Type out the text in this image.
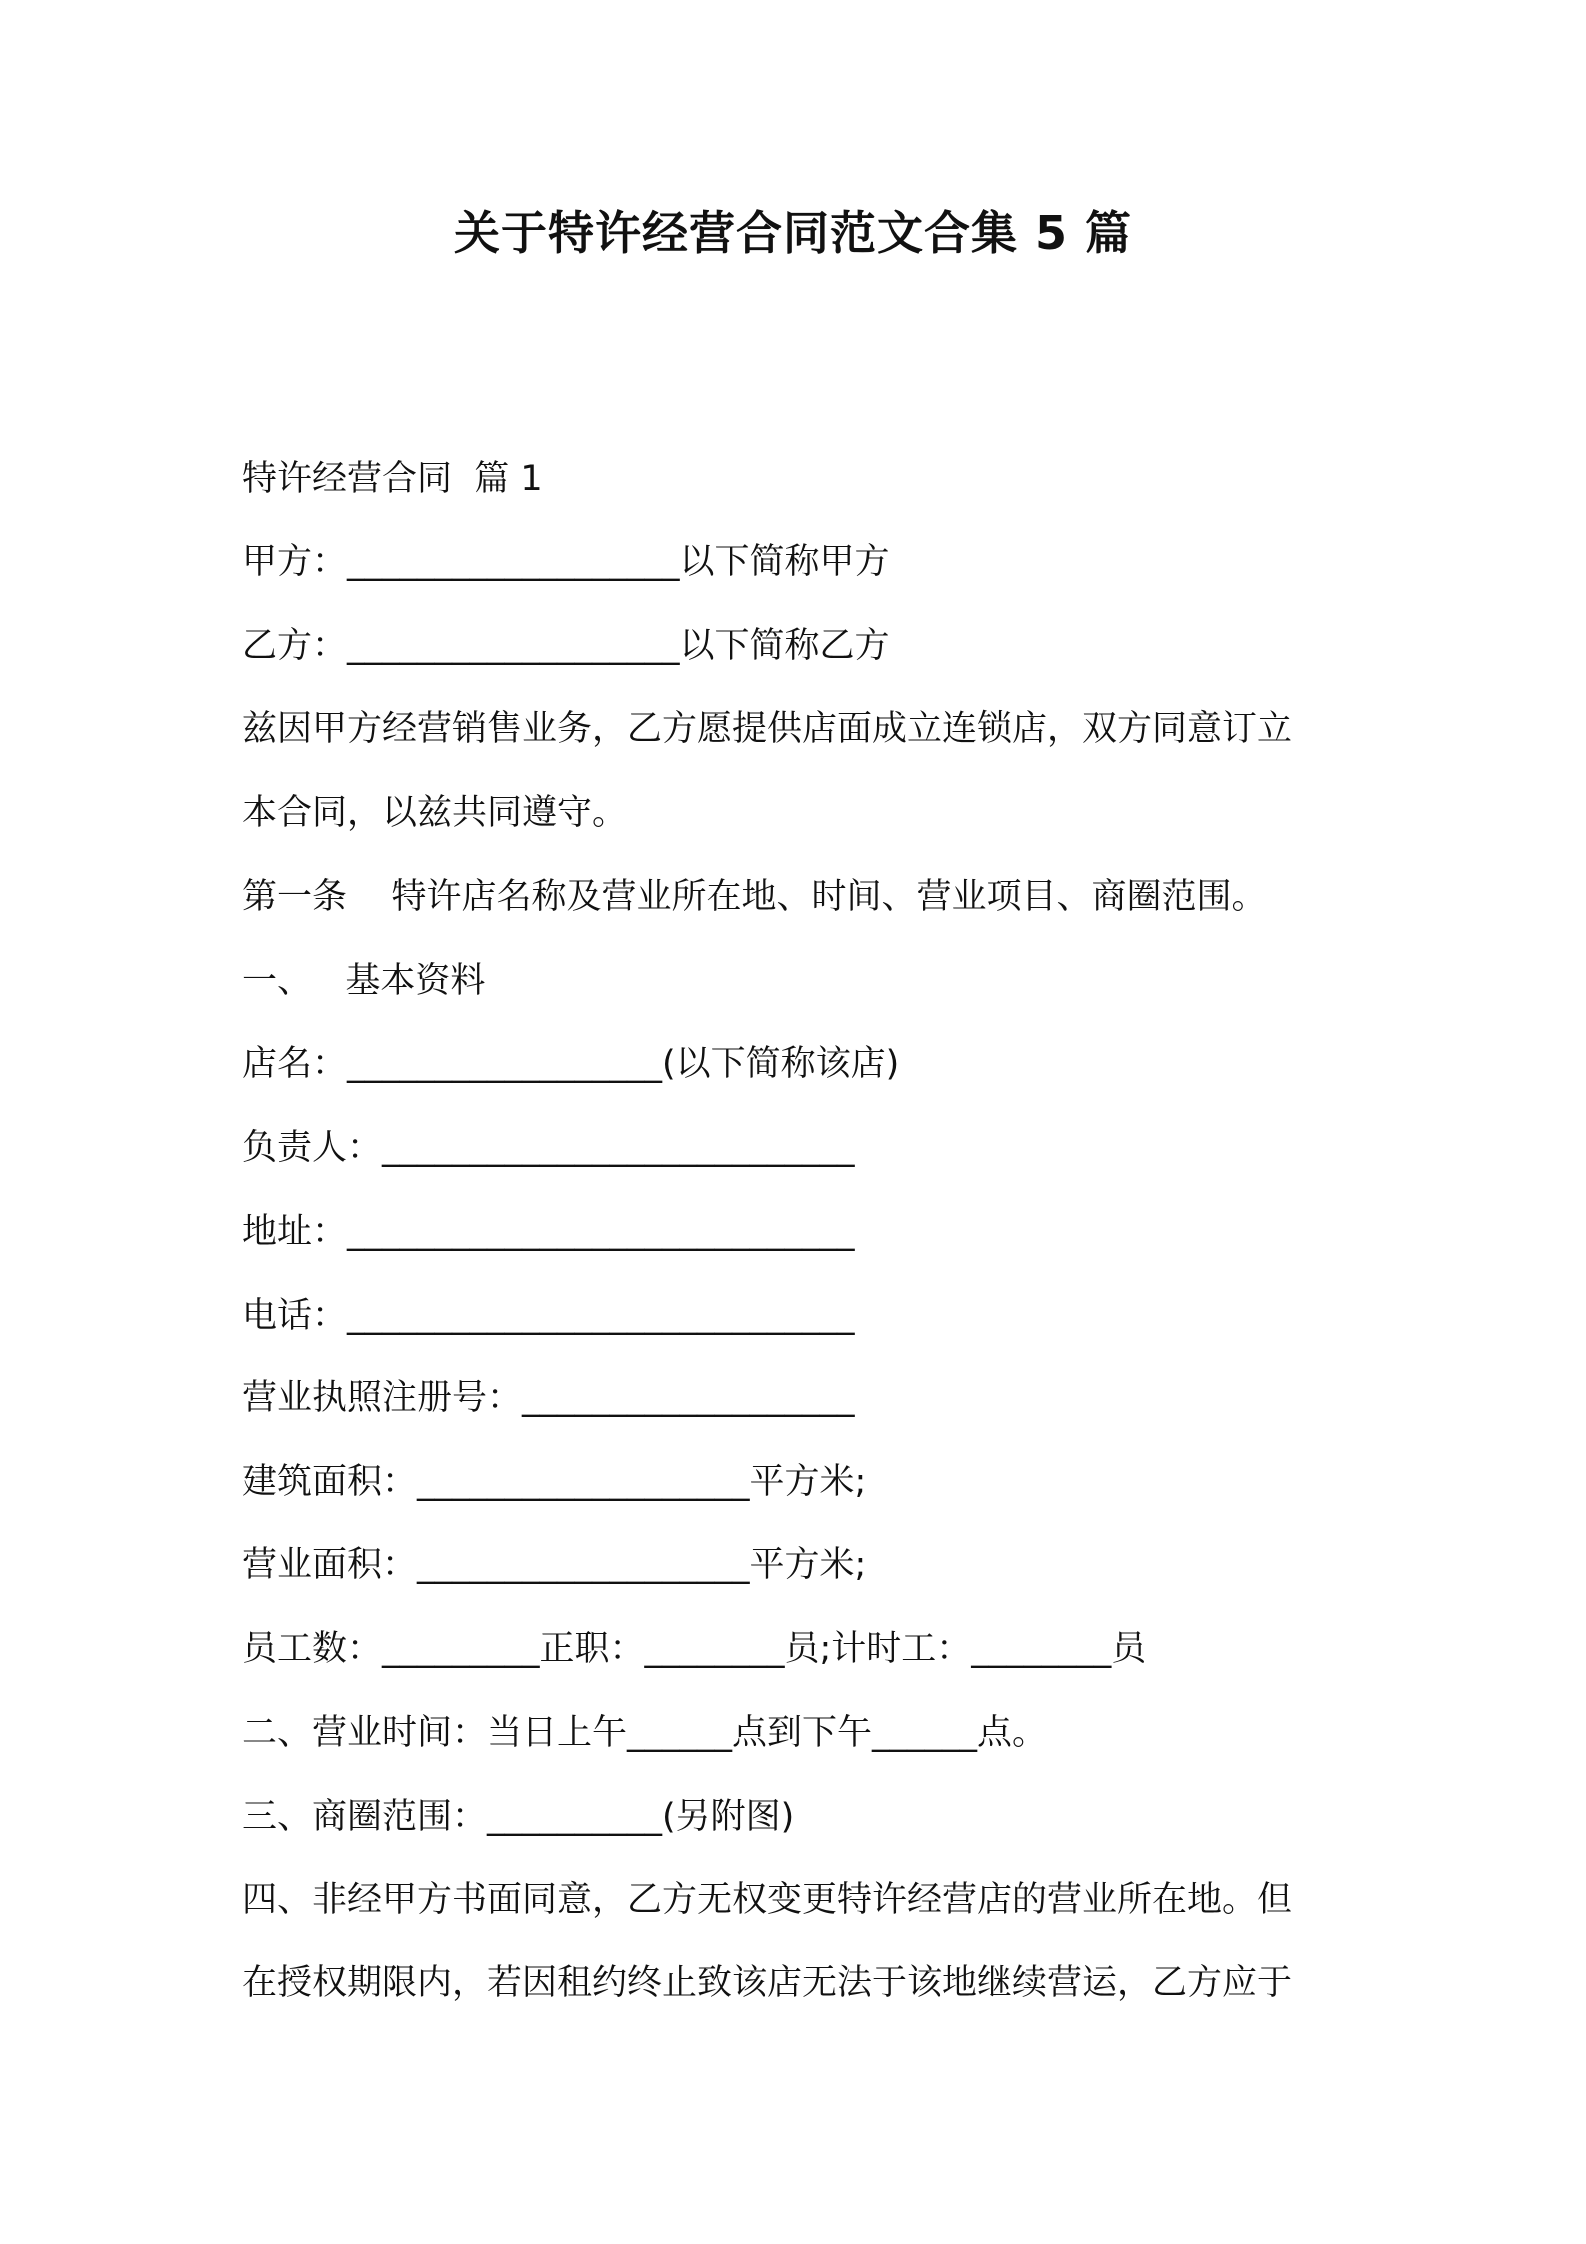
关于特许经营合同范文合集 5 篇
特许经营合同  篇 1
甲方：___________________以下简称甲方
乙方：___________________以下简称乙方
兹因甲方经营销售业务，乙方愿提供店面成立连锁店，双方同意订立
本合同，以兹共同遵守。
第一条    特许店名称及营业所在地、时间、营业项目、商圈范围。
一、   基本资料
店名：__________________(以下简称该店)
负责人：___________________________
地址：_____________________________
电话：_____________________________
营业执照注册号：___________________
建筑面积：___________________平方米;
营业面积：___________________平方米;
员工数：_________正职：________员;计时工：________员
二、营业时间：当日上午______点到下午______点。
三、商圈范围：__________(另附图)
四、非经甲方书面同意，乙方无权变更特许经营店的营业所在地。但
在授权期限内，若因租约终止致该店无法于该地继续营运，乙方应于
